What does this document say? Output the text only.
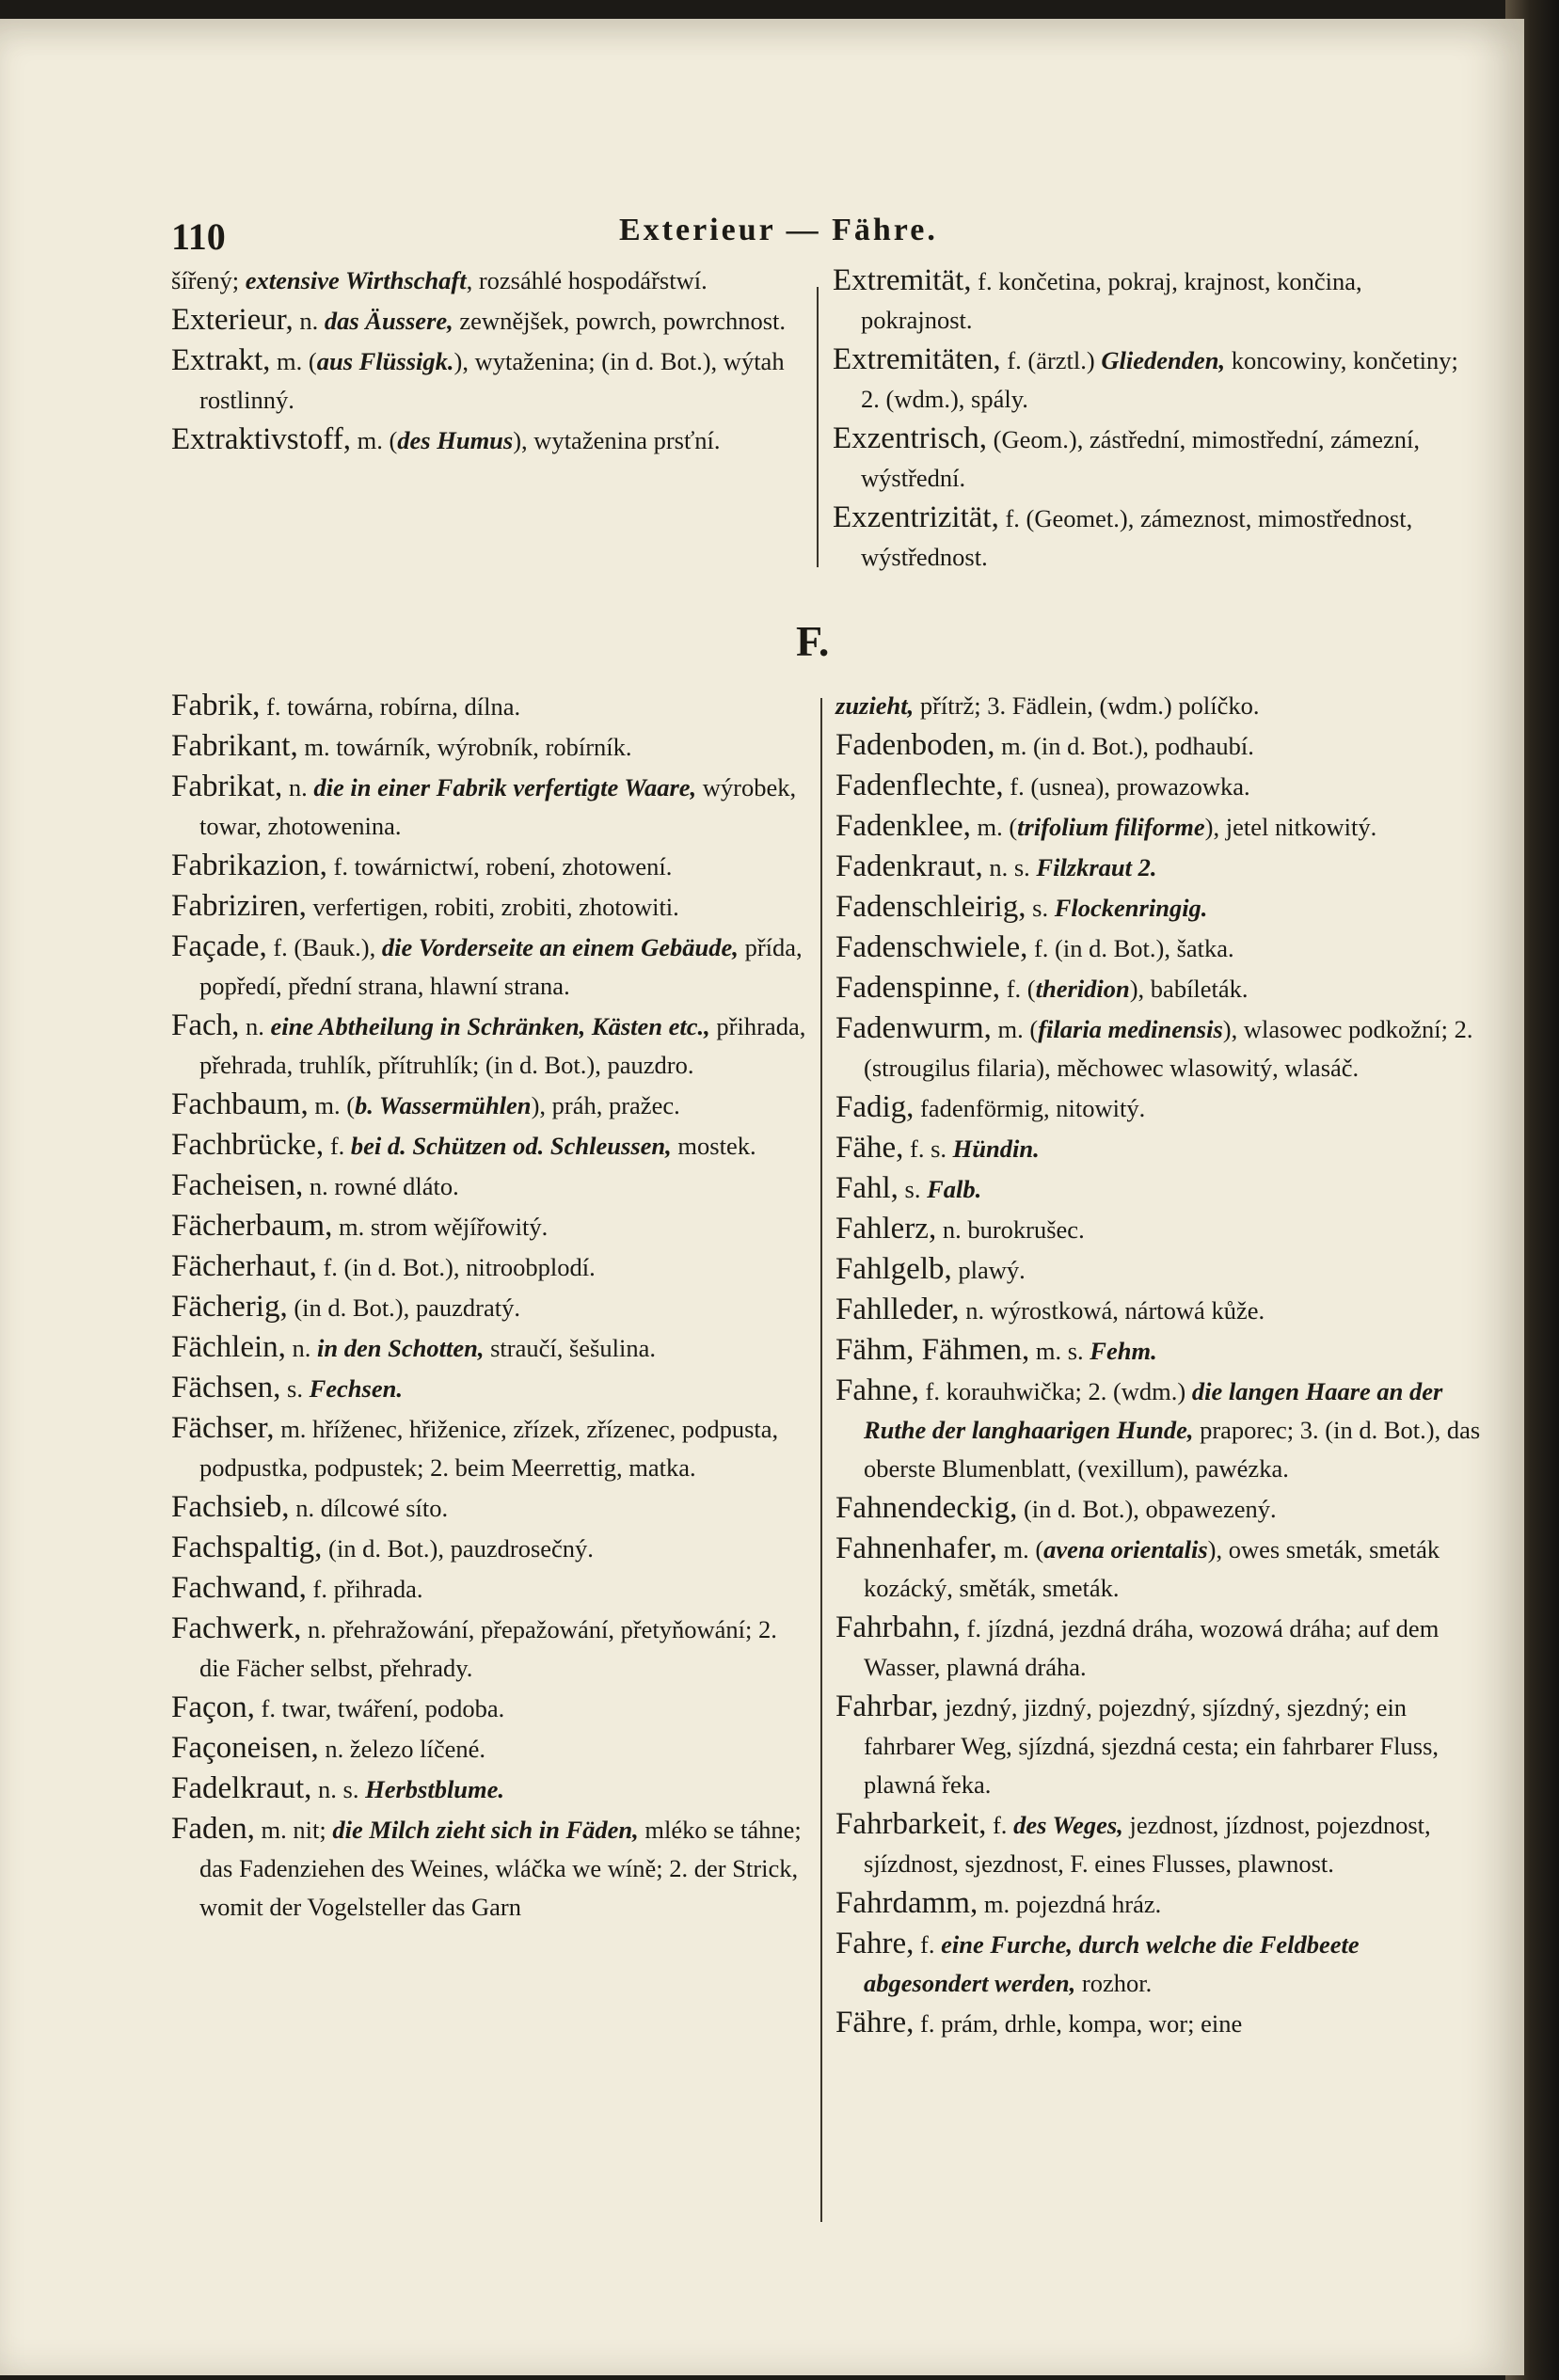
110	Exterieur — Fähre.
šířený; extensive Wirthschaft, rozsáhlé hospodářstwí.
Exterieur, n. das Äussere, zewnějšek, powrch, powrchnost.
Extrakt, m. (aus Flüssigk.), wytaženina; (in d. Bot.), wýtah rostlinný.
Extraktivstoff, m. (des Humus), wytaženina prsťní.
Extremität, f. končetina, pokraj, krajnost, končina, pokrajnost.
Extremitäten, f. (ärztl.) Gliedenden, koncowiny, končetiny; 2. (wdm.), spály.
Exzentrisch, (Geom.), zástřední, mimostřední, zámezní, wýstřední.
Exzentrizität, f. (Geomet.), zámeznost, mimostřednost, wýstřednost.
F.
Fabrik, f. towárna, robírna, dílna.
Fabrikant, m. towárník, wýrobník, robírník.
Fabrikat, n. die in einer Fabrik verfertigte Waare, wýrobek, towar, zhotowenina.
Fabrikazion, f. towárnictwí, robení, zhotowení.
Fabriziren, verfertigen, robiti, zrobiti, zhotowiti.
Façade, f. (Bauk.), die Vorderseite an einem Gebäude, přída, popředí, přední strana, hlawní strana.
Fach, n. eine Abtheilung in Schränken, Kästen etc., přihrada, přehrada, truhlík, přítruhlík; (in d. Bot.), pauzdro.
Fachbaum, m. (b. Wassermühlen), práh, pražec.
Fachbrücke, f. bei d. Schützen od. Schleussen, mostek.
Facheisen, n. rowné dláto.
Fächerbaum, m. strom wějířowitý.
Fächerhaut, f. (in d. Bot.), nitroobplodí.
Fächerig, (in d. Bot.), pauzdratý.
Fächlein, n. in den Schotten, straučí, šešulina.
Fächsen, s. Fechsen.
Fächser, m. hříženec, hřiženice, zřízek, zřízenec, podpusta, podpustka, podpustek; 2. beim Meerrettig, matka.
Fachsieb, n. dílcowé síto.
Fachspaltig, (in d. Bot.), pauzdrosečný.
Fachwand, f. přihrada.
Fachwerk, n. přehražowání, přepažowání, přetyňowání; 2. die Fächer selbst, přehrady.
Façon, f. twar, twáření, podoba.
Façoneisen, n. železo líčené.
Fadelkraut, n. s. Herbstblume.
Faden, m. nit; die Milch zieht sich in Fäden, mléko se táhne; das Fadenziehen des Weines, wláčka we wíně; 2. der Strick, womit der Vogelsteller das Garn
zuzieht, přítrž; 3. Fädlein, (wdm.) políčko.
Fadenboden, m. (in d. Bot.), podhaubí.
Fadenflechte, f. (usnea), prowazowka.
Fadenklee, m. (trifolium filiforme), jetel nitkowitý.
Fadenkraut, n. s. Filzkraut 2.
Fadenschleirig, s. Flockenringig.
Fadenschwiele, f. (in d. Bot.), šatka.
Fadenspinne, f. (theridion), babíleták.
Fadenwurm, m. (filaria medinensis), wlasowec podkožní; 2. (strougilus filaria), měchowec wlasowitý, wlasáč.
Fadig, fadenförmig, nitowitý.
Fähe, f. s. Hündin.
Fahl, s. Falb.
Fahlerz, n. burokrušec.
Fahlgelb, plawý.
Fahlleder, n. wýrostkowá, nártowá kůže.
Fähm, Fähmen, m. s. Fehm.
Fahne, f. korauhwička; 2. (wdm.) die langen Haare an der Ruthe der langhaarigen Hunde, praporec; 3. (in d. Bot.), das oberste Blumenblatt, (vexillum), pawézka.
Fahnendeckig, (in d. Bot.), obpawezený.
Fahnenhafer, m. (avena orientalis), owes smeták, smeták kozácký, směták, smeták.
Fahrbahn, f. jízdná, jezdná dráha, wozowá dráha; auf dem Wasser, plawná dráha.
Fahrbar, jezdný, jizdný, pojezdný, sjízdný, sjezdný; ein fahrbarer Weg, sjízdná, sjezdná cesta; ein fahrbarer Fluss, plawná řeka.
Fahrbarkeit, f. des Weges, jezdnost, jízdnost, pojezdnost, sjízdnost, sjezdnost, F. eines Flusses, plawnost.
Fahrdamm, m. pojezdná hráz.
Fahre, f. eine Furche, durch welche die Feldbeete abgesondert werden, rozhor.
Fähre, f. prám, drhle, kompa, wor; eine
